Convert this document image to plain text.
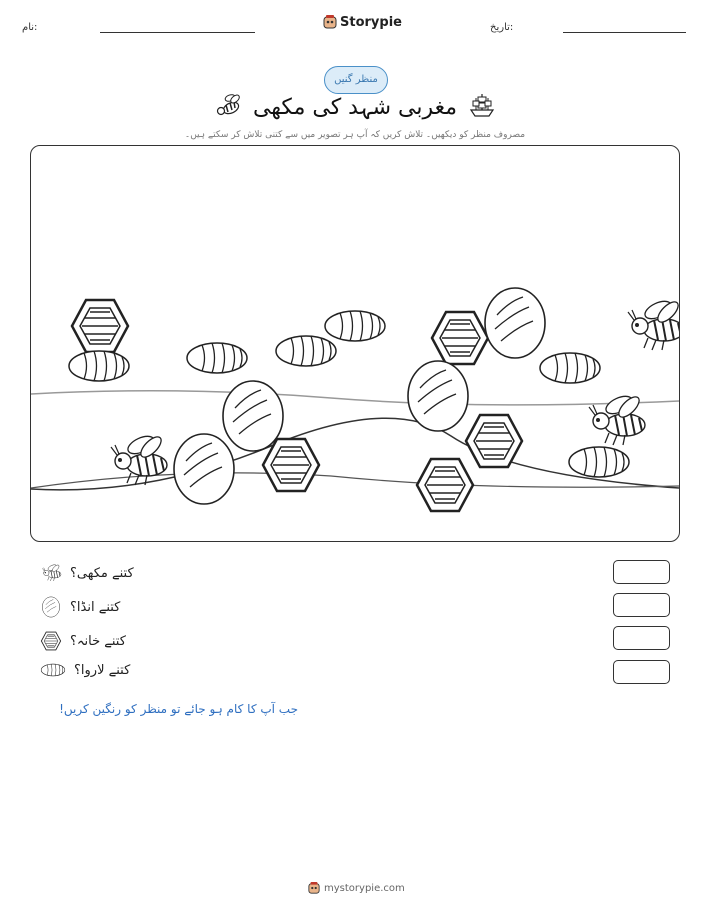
نام:	Storypie	تاریخ:
منظر گنیں
مغربی شہد کی مکھی
مصروف منظر کو دیکھیں۔ تلاش کریں کہ آپ ہر تصویر میں سے کتنی تلاش کر سکتے ہیں۔
کتنے مکھی؟
کتنے انڈا؟
کتنے خانہ؟
کتنے لاروا؟
جب آپ کا کام ہو جائے تو منظر کو رنگین کریں!
mystorypie.com
